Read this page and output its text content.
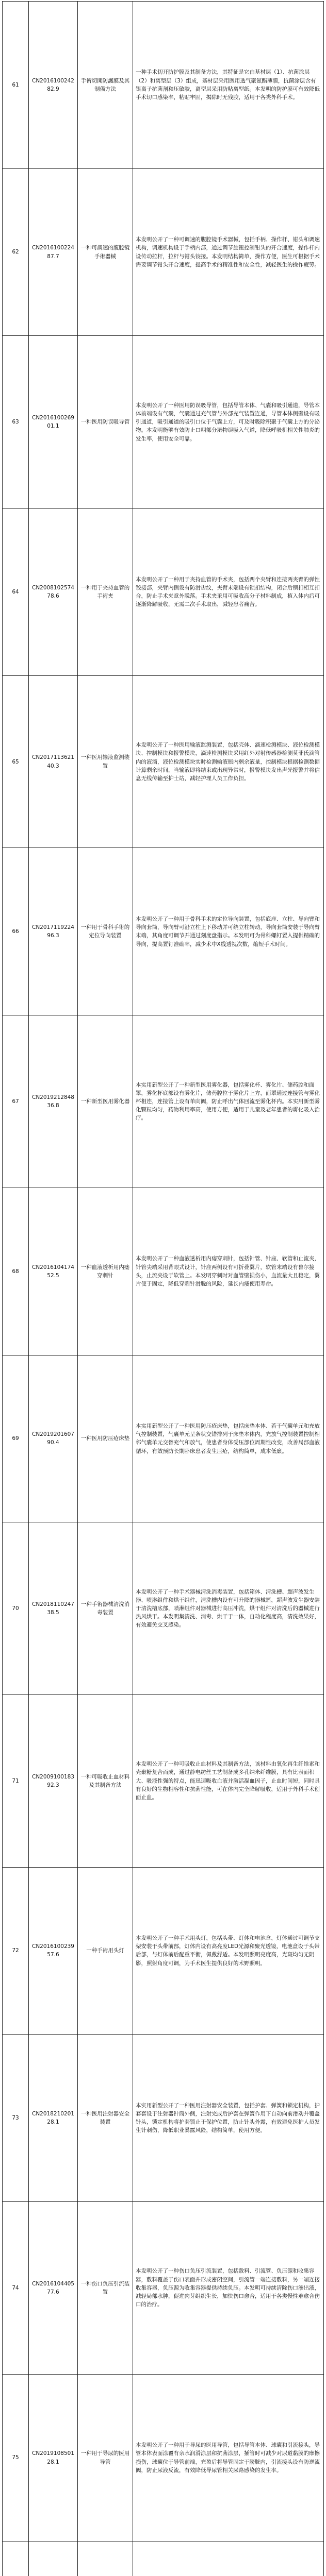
61	CN201610024282.9	手術切開防護膜及其制備方法	一种手术切开防护膜及其制备方法，其特征是它由基材层（1）、抗菌涂层（2）和离型层（3）组成，基材层采用医用透气聚氨酯薄膜，抗菌涂层含有银离子抗菌剂和压敏胶，离型层采用防粘离型纸。本发明的防护膜可有效降低手术切口感染率，粘贴牢固，揭除时无残胶，适用于各类外科手术。
62	CN201610022487.7	一种可調速的腹腔镜手術器械	本发明公开了一种可调速的腹腔镜手术器械，包括手柄、操作杆、钳头和调速机构，调速机构设于手柄内部，通过调节旋钮控制钳头的开合速度，操作杆内设传动拉杆，拉杆与钳头铰接。本发明结构简单，操作方便，医生可根据手术需要调节钳头开合速度，提高手术的精准性和安全性，减轻医生的操作疲劳。
63	CN201610026901.1	一种医用防误吸导管	本发明公开了一种医用防误吸导管，包括导管本体、气囊和吸引通道，导管本体前端设有气囊，气囊通过充气管与外部充气装置连通，导管本体侧壁设有吸引通道，吸引通道的吸引口位于气囊上方，可及时吸除积聚于气囊上方的分泌物。本发明能够有效防止口咽部分泌物误吸入气道，降低呼吸机相关性肺炎的发生率，使用安全可靠。
64	CN200810257478.6	一种用于夹持血管的手術夹	本发明公开了一种用于夹持血管的手术夹，包括两个夹臂和连接两夹臂的弹性铰接部，夹臂内侧设有防滑齿纹，夹臂末端设有锁扣结构，闭合后锁扣相互扣合，防止手术夹意外脱落。手术夹采用可吸收高分子材料制成，植入体内后可逐渐降解吸收，无需二次手术取出，减轻患者痛苦。
65	CN201711362140.3	一种医用输液监测装置	本发明公开了一种医用输液监测装置，包括壳体、滴速检测模块、液位检测模块、控制模块和报警模块，滴速检测模块采用红外对射传感器检测莫菲氏滴管内的液滴，液位检测模块实时检测输液瓶内剩余液量，控制模块根据检测数据计算剩余时间，当输液即将结束或出现异常时，报警模块发出声光报警并将信息无线传输至护士站，减轻护理人员工作负担。
66	CN201711922496.3	一种用于骨科手術的定位导向装置	本发明公开了一种用于骨科手术的定位导向装置，包括底座、立柱、导向臂和导向套筒，导向臂可沿立柱上下移动并可绕立柱转动，导向套筒安装于导向臂末端，其角度可调节并通过刻度盘指示。本发明可为骨科螺钉置入提供精确的导向，提高置钉准确率，减少术中X线透视次数，缩短手术时间。
67	CN201921284836.8	一种新型医用雾化器	本实用新型公开了一种新型医用雾化器，包括雾化杯、雾化片、储药腔和面罩，雾化杯底部设有雾化片，储药腔位于雾化片上方，面罩通过连接管与雾化杯相连，连接管上设有单向阀，防止呼出气体回流至雾化杯内。本实用新型雾化颗粒均匀，药物利用率高，使用方便，适用于儿童及老年患者的雾化吸入治疗。
68	CN201610417452.5	一种血液透析用内瘘穿刺针	本发明公开了一种血液透析用内瘘穿刺针，包括针管、针座、软管和止流夹，针管尖端采用背眼式设计，针座两侧设有可折叠翼片，软管末端设有鲁尔接头，止流夹设于软管上。本发明穿刺时对血管壁损伤小，血流量大且稳定，翼片便于固定，降低穿刺针滑脱的风险，延长内瘘使用寿命。
69	CN201920160790.4	一种医用防压疮床垫	本实用新型公开了一种医用防压疮床垫，包括床垫本体、若干气囊单元和充放气控制装置，气囊单元呈条状交错排列于床垫本体内，充放气控制装置控制相邻气囊单元交替充气和放气，使患者身体受压部位周期性改变，改善局部血液循环，有效预防长期卧床患者发生压疮，结构简单，成本低廉。
70	CN201811024738.5	一种手術器械清洗消毒装置	本发明公开了一种手术器械清洗消毒装置，包括箱体、清洗槽、超声波发生器、喷淋组件和烘干组件，清洗槽内设有可升降的器械篮，超声波发生器安装于清洗槽底部，喷淋组件对器械进行高压冲洗，烘干组件对清洗后的器械进行热风烘干。本发明集清洗、消毒、烘干于一体，自动化程度高，清洗效果好，有效避免交叉感染。
71	CN200910018392.3	一种可吸收止血材料及其制备方法	本发明公开了一种可吸收止血材料及其制备方法，该材料由氧化再生纤维素和壳聚糖复合而成，通过静电纺丝工艺制备成多孔纳米纤维膜，具有比表面积大、吸液性强的特点，能迅速吸收血液并激活凝血因子，止血时间短，同时具有良好的生物相容性和抗菌性能，可在体内完全降解吸收，适用于外科手术创面止血。
72	CN201610023957.6	一种手術用头灯	本发明公开了一种手术用头灯，包括头带、灯体和电池盒，灯体通过可调节支架安装于头带前部，灯体内设有高亮度LED光源和聚光透镜，电池盒设于头带后部，与灯体前后配重平衡，佩戴舒适。本发明照明亮度高，光斑均匀无阴影，照射角度可调，为手术医生提供良好的术野照明。
73	CN201821020128.1	一种医用注射器安全装置	本实用新型公开了一种医用注射器安全装置，包括护套、弹簧和锁定机构，护套套设于注射器针筒外侧，注射完成后护套在弹簧作用下自动向前滑动并覆盖针头，锁定机构将护套锁止于保护位置，防止针头外露，有效避免医护人员发生针刺伤，降低职业暴露风险，结构简单，使用方便。
74	CN201610440577.6	一种伤口负压引流装置	本发明公开了一种伤口负压引流装置，包括敷料、引流管、负压源和收集容器，敷料覆盖于伤口表面并形成密闭空间，引流管一端连接敷料，另一端连接收集容器，负压源为收集容器提供持续负压。本发明可持续清除伤口渗出液，减轻局部水肿，促进肉芽组织生长，加快伤口愈合，适用于各类慢性难愈合伤口的治疗。
75	CN201910850128.1	一种用于导尿的医用导管	本发明公开了一种用于导尿的医用导管，包括导管本体、球囊和引流接头，导管本体表面涂覆有亲水润滑涂层和抗菌涂层，插管时可减少对尿道黏膜的摩擦损伤，球囊位于导管前端，充盈后将导管固定于膀胱内，引流接头设有防逆流阀，防止尿液反流，有效降低导尿管相关尿路感染的发生率。
